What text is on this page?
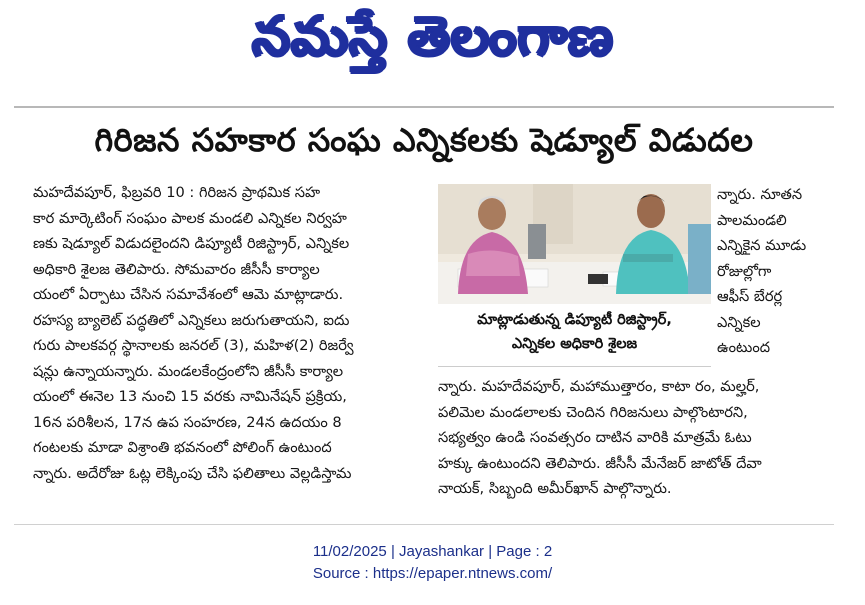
నమస్తే తెలంగాణ
గిరిజన సహకార సంఘ ఎన్నికలకు షెడ్యూల్ విడుదల
మహదేవపూర్, ఫిబ్రవరి 10 : గిరిజన ప్రాథమిక సహ
కార మార్కెటింగ్ సంఘం పాలక మండలి ఎన్నికల నిర్వహ
ణకు షెడ్యూల్ విడుదలైందని డిప్యూటీ రిజిస్ట్రార్, ఎన్నికల
అధికారి శైలజ తెలిపారు. సోమవారం జీసీసీ కార్యాల
యంలో ఏర్పాటు చేసిన సమావేశంలో ఆమె మాట్లాడారు.
రహస్య బ్యాలెట్ పద్ధతిలో ఎన్నికలు జరుగుతాయని, ఐదు
గురు పాలకవర్గ స్థానాలకు జనరల్ (3), మహిళ(2) రిజర్వే
షన్లు ఉన్నాయన్నారు. మండలకేంద్రంలోని జీసీసీ కార్యాల
యంలో ఈనెల 13 నుంచి 15 వరకు నామినేషన్ ప్రక్రియ,
16న పరిశీలన, 17న ఉప సంహరణ, 24న ఉదయం 8
గంటలకు మాడా విశ్రాంతి భవనంలో పోలింగ్ ఉంటుంద
న్నారు. అదేరోజు ఓట్ల లెక్కింపు చేసి ఫలితాలు వెల్లడిస్తామ
మాట్లాడుతున్న డిప్యూటీ రిజిస్ట్రార్,
ఎన్నికల అధికారి శైలజ
న్నారు. నూతన
పాలమండలి
ఎన్నికైన మూడు
రోజుల్లోగా
ఆఫీస్ బేరర్ల
ఎన్నికల
ఉంటుంద
న్నారు. మహదేవపూర్, మహాముత్తారం, కాటా రం, మల్హర్,
పలిమెల మండలాలకు చెందిన గిరిజనులు పాల్గొంటారని,
సభ్యత్వం ఉండి సంవత్సరం దాటిన వారికి మాత్రమే ఓటు
హక్కు ఉంటుందని తెలిపారు. జీసీసీ మేనేజర్ జాటోత్ దేవా
నాయక్, సిబ్బంది అమీర్‌ఖాన్ పాల్గొన్నారు.
11/02/2025 | Jayashankar | Page : 2
Source : https://epaper.ntnews.com/
